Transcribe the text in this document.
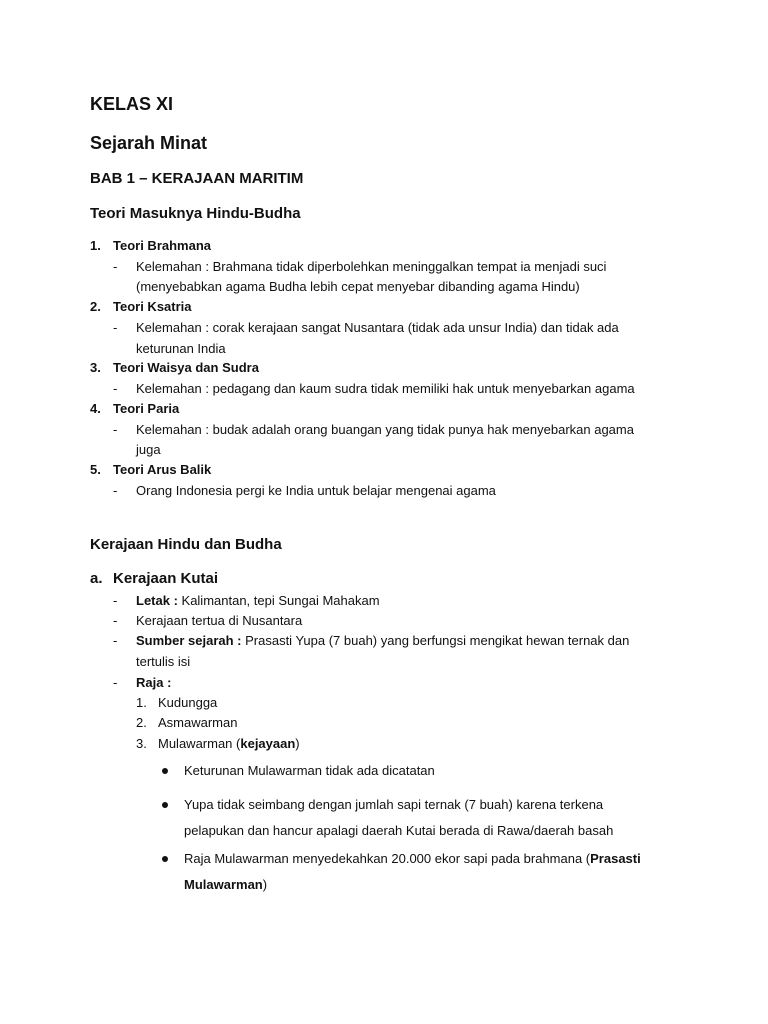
KELAS XI
Sejarah Minat
BAB 1 – KERAJAAN MARITIM
Teori Masuknya Hindu-Budha
1. Teori Brahmana
- Kelemahan : Brahmana tidak diperbolehkan meninggalkan tempat ia menjadi suci
(menyebabkan agama Budha lebih cepat menyebar dibanding agama Hindu)
2. Teori Ksatria
- Kelemahan : corak kerajaan sangat Nusantara (tidak ada unsur India) dan tidak ada
keturunan India
3. Teori Waisya dan Sudra
- Kelemahan : pedagang dan kaum sudra tidak memiliki hak untuk menyebarkan agama
4. Teori Paria
- Kelemahan : budak adalah orang buangan yang tidak punya hak menyebarkan agama
juga
5. Teori Arus Balik
- Orang Indonesia pergi ke India untuk belajar mengenai agama
Kerajaan Hindu dan Budha
a. Kerajaan Kutai
- Letak : Kalimantan, tepi Sungai Mahakam
- Kerajaan tertua di Nusantara
- Sumber sejarah : Prasasti Yupa (7 buah) yang berfungsi mengikat hewan ternak dan
tertulis isi
- Raja :
1. Kudungga
2. Asmawarman
3. Mulawarman (kejayaan)
Keturunan Mulawarman tidak ada dicatatan
Yupa tidak seimbang dengan jumlah sapi ternak (7 buah) karena terkena
pelapukan dan hancur apalagi daerah Kutai berada di Rawa/daerah basah
Raja Mulawarman menyedekahkan 20.000 ekor sapi pada brahmana (Prasasti
Mulawarman)
